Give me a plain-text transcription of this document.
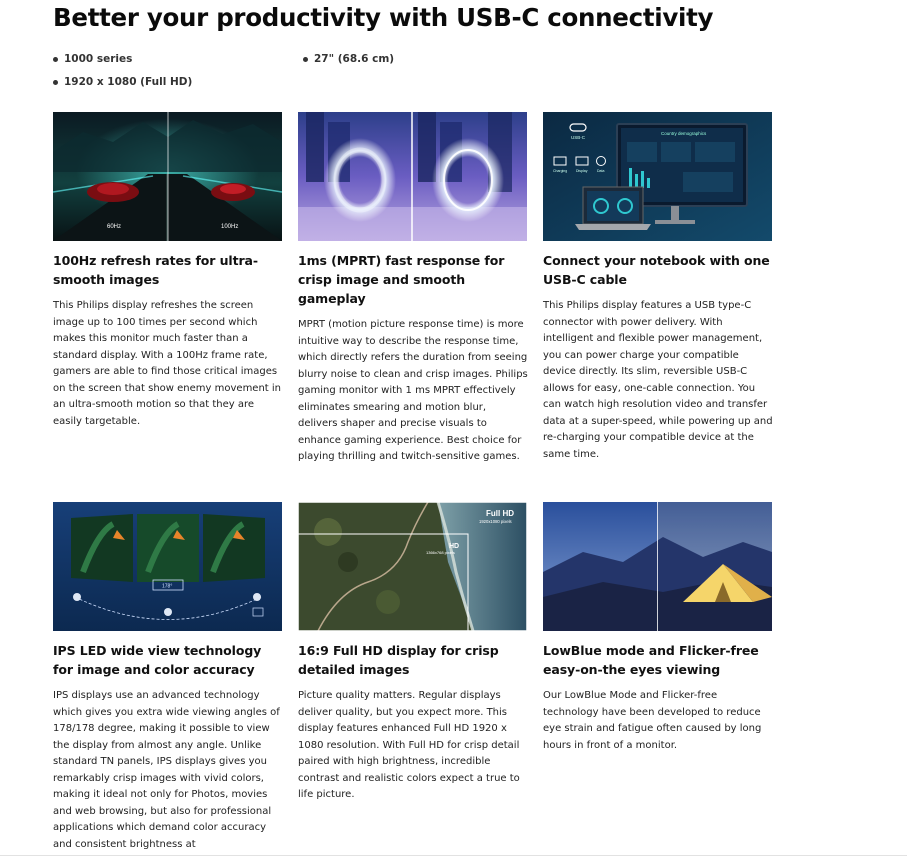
Better your productivity with USB-C connectivity
1000 series	27" (68.6 cm)
1920 x 1080 (Full HD)
60Hz	100Hz
100Hz refresh rates for ultra-smooth images

This Philips display refreshes the screen image up to 100 times per second which makes this monitor much faster than a standard display. With a 100Hz frame rate, gamers are able to find those critical images on the screen that show enemy movement in an ultra-smooth motion so that they are easily targetable.

1ms (MPRT) fast response for crisp image and smooth gameplay

MPRT (motion picture response time) is more intuitive way to describe the response time, which directly refers the duration from seeing blurry noise to clean and crisp images. Philips gaming monitor with 1 ms MPRT effectively eliminates smearing and motion blur, delivers shaper and precise visuals to enhance gaming experience. Best choice for playing thrilling and twitch-sensitive games.

USB-C
Charging	Display	Data
Country demographics
Connect your notebook with one USB-C cable

This Philips display features a USB type-C connector with power delivery. With intelligent and flexible power management, you can power charge your compatible device directly. Its slim, reversible USB-C allows for easy, one-cable connection. You can watch high resolution video and transfer data at a super-speed, while powering up and re-charging your compatible device at the same time.

178°
IPS LED wide view technology for image and color accuracy

IPS displays use an advanced technology which gives you extra wide viewing angles of 178/178 degree, making it possible to view the display from almost any angle. Unlike standard TN panels, IPS displays gives you remarkably crisp images with vivid colors, making it ideal not only for Photos, movies and web browsing, but also for professional applications which demand color accuracy and consistent brightness at

Full HD
1920x1080 pixels
HD
1366x768 pixels
16:9 Full HD display for crisp detailed images

Picture quality matters. Regular displays deliver quality, but you expect more. This display features enhanced Full HD 1920 x 1080 resolution. With Full HD for crisp detail paired with high brightness, incredible contrast and realistic colors expect a true to life picture.

LowBlue mode and Flicker-free easy-on-the eyes viewing

Our LowBlue Mode and Flicker-free technology have been developed to reduce eye strain and fatigue often caused by long hours in front of a monitor.
